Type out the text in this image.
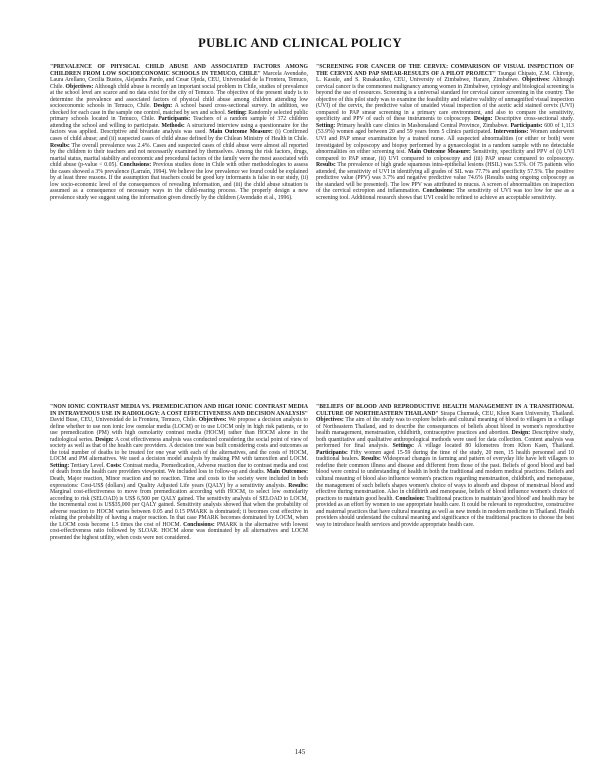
PUBLIC AND CLINICAL POLICY

"PREVALENCE OF PHYSICAL CHILD ABUSE AND ASSOCIATED FACTORS AMONG CHILDREN FROM LOW SOCIOECONOMIC SCHOOLS IN TEMUCO, CHILE" Marcela Avendaño, Laura Arellano, Cecilia Bustos, Alejandra Pardo, and Cesar Ojeda, CEU, Universidad de la Frontera, Temuco, Chile. Objectives: Although child abuse is recently an important social problem in Chile, studies of prevalence at the school level are scarce and no data exist for the city of Temuco. The objective of the present study is to determine the prevalence and associated factors of physical child abuse among children attending low socioeconomic schools in Temuco, Chile. Design: A school based cross-sectional survey. In addition, we checked for each case in the sample one control, matched by sex and school. Setting: Randomly selected public primary schools located in Temuco, Chile. Participants: Teachers of a random sample of 372 children attending the school and willing to participate. Methods: A structured interview using a questionnaire for the factors was applied. Descriptive and bivariate analysis was used. Main Outcome Measure: (i) Confirmed cases of child abuse; and (ii) suspected cases of child abuse defined by the Chilean Ministry of Health in Chile. Results: The overall prevalence was 2.4%. Cases and suspected cases of child abuse were almost all reported by the children to their teachers and not necessarily examined by themselves. Among the risk factors, drugs, marital status, marital stability and economic and procedural factors of the family were the most associated with child abuse (p-value < 0.05). Conclusions: Previous studies done in Chile with other methodologies to assess the cases showed a 3% prevalence (Larraín, 1994). We believe the low prevalence we found could be explained by at least three reasons. If the assumption that teachers could be good key informants is false in our study, (ii) low socio-economic level of the consequences of revealing information, and (iii) the child abuse situation is assumed as a consequence of necessary ways in the child-rearing process. The properly design a new prevalence study we suggest using the information given directly by the children (Avendaño et al., 1996).

"SCREENING FOR CANCER OF THE CERVIX: COMPARISON OF VISUAL INSPECTION OF THE CERVIX AND PAP SMEAR-RESULTS OF A PILOT PROJECT" Tsungai Chipato, Z.M. Chirenje, L. Kasule, and S. Rusakaniko, CEU, University of Zimbabwe, Harare, Zimbabwe. Objectives: Although cervical cancer is the commonest malignancy among women in Zimbabwe, cytology and biological screening is beyond the use of resources. Screening is a universal standard for cervical cancer screening in the country. The objective of this pilot study was to examine the feasibility and relative validity of unmagnified visual inspection (UVI) of the cervix, the predictive value of unaided visual inspection of the acetic acid stained cervix (UVI) compared to PAP smear screening in a primary care environment, and also to compare the sensitivity, specificity and PPV of each of these instruments to colposcopy. Design: Descriptive cross-sectional study. Setting: Primary health care clinics in Mashonaland Central Province, Zimbabwe. Participants: 600 of 1,113 (53.9%) women aged between 20 and 59 years from 5 clinics participated. Interventions: Women underwent UVI and PAP smear examination by a trained nurse. All suspected abnormalities (or either or both) were investigated by colposcopy and biopsy performed by a gynaecologist in a random sample with no detectable abnormalities on either screening test. Main Outcome Measure: Sensitivity, specificity and PPV of (i) UVI compared to PAP smear, (ii) UVI compared to colposcopy and (iii) PAP smear compared to colposcopy. Results: The prevalence of high grade squamous intra-epithelial lesions (HSIL) was 5.5%. Of 75 patients who attended, the sensitivity of UVI in identifying all grades of SIL was 77.7% and specificity 57.5%. The positive predictive value (PPV) was 3.7% and negative predictive value 74.6% (Results using ongoing colposcopy as the standard will be presented). The low PPV was attributed to mucus. A screen of abnormalities on inspection of the cervical ectropion and inflammation. Conclusions: The sensitivity of UVI was too low for use as a screening tool. Additional research shows that UVI could be refined to achieve an acceptable sensitivity.

"NON IONIC CONTRAST MEDIA VS. PREMEDICATION AND HIGH IONIC CONTRAST MEDIA IN INTRAVENOUS USE IN RADIOLOGY: A COST EFFECTIVENESS AND DECISION ANALYSIS" David Buse, CEU, Universidad de la Frontera, Temuco, Chile. Objectives: We propose a decision analysis to define whether to use non ionic low osmolar media (LOCM) or to use LOCM only in high risk patients, or to use premedication (PM) with high osmolarity contrast media (HOCM) rather than HOCM alone in the radiological series. Design: A cost effectiveness analysis was conducted considering the social point of view of society as well as that of the health care providers. A decision tree was built considering costs and outcomes as the total number of deaths to be treated for one year with each of the alternatives, and the costs of HOCM, LOCM and PM alternatives. We used a decision model analysis by making PM with tamoxifen and LOCM. Setting: Tertiary Level. Costs: Contrast media, Premedication, Adverse reaction due to contrast media and cost of death from the health care providers viewpoint. We included loss to follow-up and deaths. Main Outcomes: Death, Major reaction, Minor reaction and no reaction. Time and costs to the society were included in both expressions: Cost-US$ (dollars) and Quality Adjusted Life years (QALY) by a sensitivity analysis. Results: Marginal cost-effectiveness to move from premedication according with HOCM, to select low osmolarity according to risk (SELOAD) is US$ 6,500 per QALY gained. The sensitivity analysis of SELOAD to LOCM, the incremental cost is US$35,000 per QALY gained. Sensitivity analysis showed that when the probability of adverse reaction to HOCM varies between 0.05 and 0.15 PMARK is dominated; it becomes cost effective in relating the probability of having a major reaction. In that case PMARK becomes dominated by LOCM, when the LOCM costs become 1.5 times the cost of HOCM. Conclusions: PMARK is the alternative with lowest cost-effectiveness ratio followed by SLOAR. HOCM alone was dominated by all alternatives and LOCM presented the highest utility, when costs were not considered.

"BELIEFS OF BLOOD AND REPRODUCTIVE HEALTH MANAGEMENT IN A TRANSITIONAL CULTURE OF NORTHEASTERN THAILAND" Sirapa Chumsuk, CEU, Khon Kaen University, Thailand. Objectives: The aim of the study was to explore beliefs and cultural meaning of blood to villagers in a village of Northeastern Thailand, and to describe the consequences of beliefs about blood in women's reproductive health management, menstruation, childbirth, contraceptive practices and abortion. Design: Descriptive study, both quantitative and qualitative anthropological methods were used for data collection. Content analysis was performed for final analysis. Settings: A village located 80 kilometres from Khon Kaen, Thailand. Participants: Fifty women aged 15-59 during the time of the study, 20 men, 15 health personnel and 10 traditional healers. Results: Widespread changes in farming and pattern of everyday life have left villagers to redefine their common illness and disease and different from those of the past. Beliefs of good blood and bad blood were central to understanding of health in both the traditional and modern medical practices. Beliefs and cultural meaning of blood also influence women's practices regarding menstruation, childbirth, and menopause, the management of such beliefs shapes women's choice of ways to absorb and dispose of menstrual blood and effective during menstruation. Also in childbirth and menopause, beliefs of blood influence women's choice of practices to maintain good health. Conclusion: Traditional practices to maintain 'good blood' and health may be provided as an effort by women to use appropriate health care. It could be relevant to reproductive, constructive and maternal practices that have cultural meaning as well as new trends in modern medicine in Thailand. Health providers should understand the cultural meaning and significance of the traditional practices to choose the best way to introduce health services and provide appropriate health care.

145
